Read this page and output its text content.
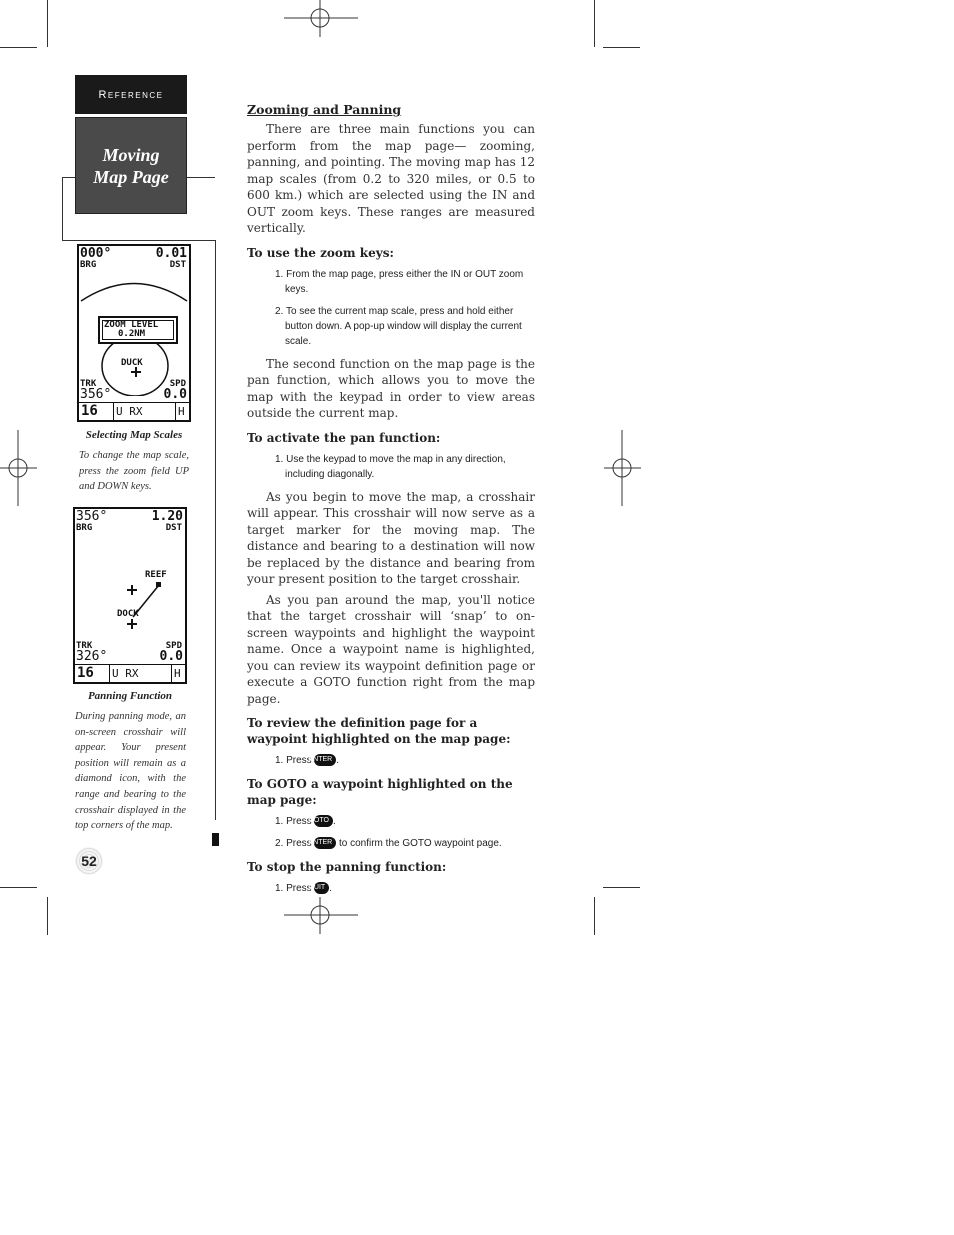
Reference
Moving Map Page
000°
BRG
0.01
DST
ZOOM LEVEL
0.2NM
DUCK
TRK
356°
SPD
0.0
16 U RX	H
Selecting Map Scales
To change the map scale, press the zoom field UP and DOWN keys.
356°
BRG
1.20
DST
REEF
DOCK
TRK
326°
SPD
0.0
16 U RX	H
Panning Function
During panning mode, an on-screen crosshair will appear. Your present position will remain as a diamond icon, with the range and bearing to the crosshair displayed in the top corners of the map.
52
Zooming and Panning

There are three main functions you can perform from the map page— zooming, panning, and pointing. The moving map has 12 map scales (from 0.2 to 320 miles, or 0.5 to 600 km.) which are selected using the IN and OUT zoom keys. These ranges are measured vertically.

To use the zoom keys:

1. From the map page, press either the IN or OUT zoom keys.

2. To see the current map scale, press and hold either button down. A pop-up window will display the current scale.

The second function on the map page is the pan function, which allows you to move the map with the keypad in order to view areas outside the current map.

To activate the pan function:

1. Use the keypad to move the map in any direction, including diagonally.

As you begin to move the map, a crosshair will appear. This crosshair will now serve as a target marker for the moving map. The distance and bearing to a destination will now be replaced by the distance and bearing from your present position to the target crosshair.

As you pan around the map, you'll notice that the target crosshair will ‘snap’ to on-screen waypoints and highlight the waypoint name. Once a waypoint name is highlighted, you can review its waypoint definition page or execute a GOTO function right from the map page.

To review the definition page for a waypoint highlighted on the map page:

1. Press ENTER .

To GOTO a waypoint highlighted on the map page:

1. Press GOTO .

2. Press ENTER to confirm the GOTO waypoint page.

To stop the panning function:

1. Press QUIT .
